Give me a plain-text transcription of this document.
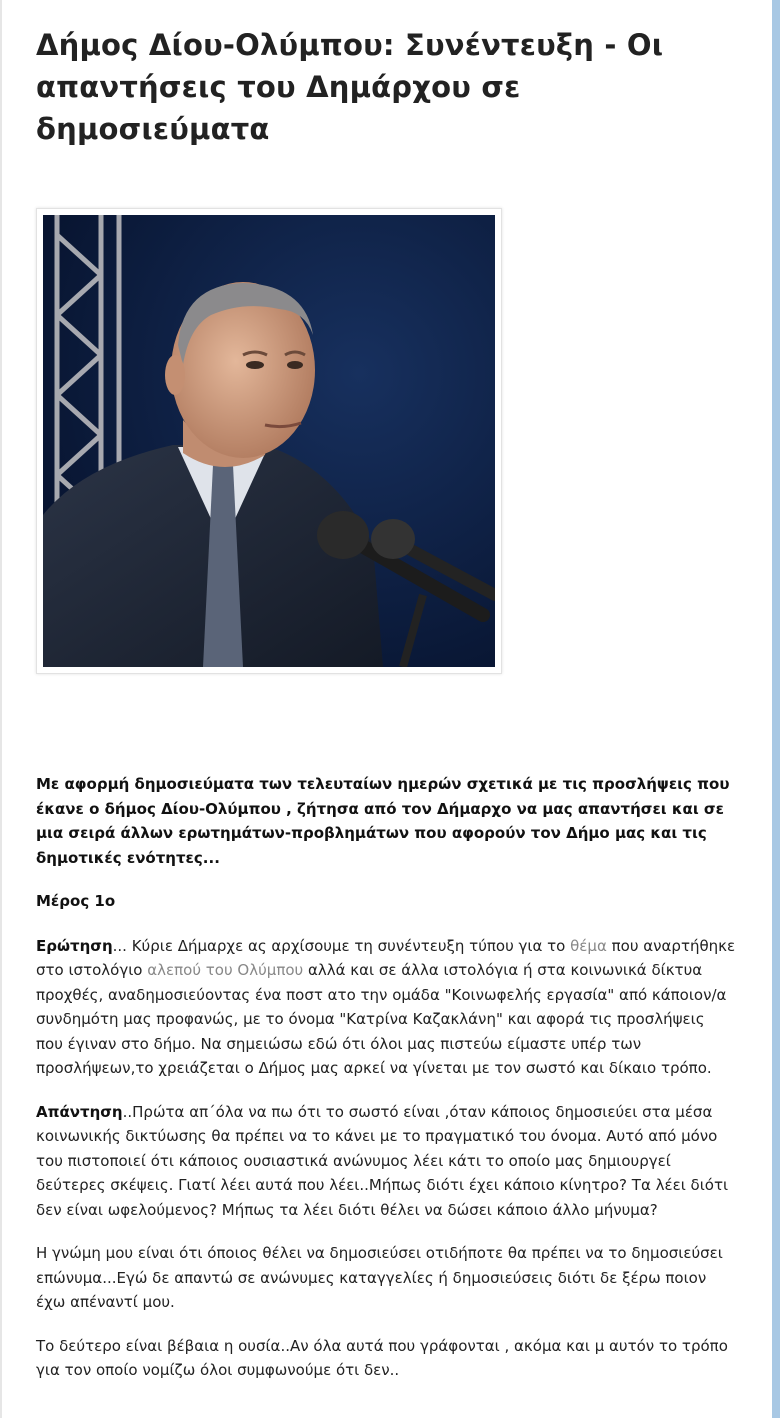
Δήμος Δίου-Ολύμπου: Συνέντευξη - Οι απαντήσεις του Δημάρχου σε δημοσιεύματα

Με αφορμή δημοσιεύματα των τελευταίων ημερών σχετικά με τις προσλήψεις που έκανε ο δήμος Δίου-Ολύμπου , ζήτησα από τον Δήμαρχο να μας απαντήσει και σε μια σειρά άλλων ερωτημάτων-προβλημάτων που αφορούν τον Δήμο μας και τις δημοτικές ενότητες...

Μέρος 1ο

Ερώτηση... Κύριε Δήμαρχε ας αρχίσουμε τη συνέντευξη τύπου για το θέμα που αναρτήθηκε στο ιστολόγιο αλεπού του Ολύμπου αλλά και σε άλλα ιστολόγια ή στα κοινωνικά δίκτυα προχθές, αναδημοσιεύοντας ένα ποστ ατο την ομάδα "Κοινωφελής εργασία" από κάποιον/α συνδημότη μας προφανώς, με το όνομα "Κατρίνα Καζακλάνη" και αφορά τις προσλήψεις που έγιναν στο δήμο. Να σημειώσω εδώ ότι όλοι μας πιστεύω είμαστε υπέρ των προσλήψεων,το χρειάζεται ο Δήμος μας αρκεί να γίνεται με τον σωστό και δίκαιο τρόπο.

Απάντηση..Πρώτα απ΄όλα να πω ότι το σωστό είναι ,όταν κάποιος δημοσιεύει στα μέσα κοινωνικής δικτύωσης θα πρέπει να το κάνει με το πραγματικό του όνομα. Αυτό από μόνο του πιστοποιεί ότι κάποιος ουσιαστικά ανώνυμος λέει κάτι το οποίο μας δημιουργεί δεύτερες σκέψεις. Γιατί λέει αυτά που λέει..Μήπως διότι έχει κάποιο κίνητρο? Τα λέει διότι δεν είναι ωφελούμενος? Μήπως τα λέει διότι θέλει να δώσει κάποιο άλλο μήνυμα?

Η γνώμη μου είναι ότι όποιος θέλει να δημοσιεύσει οτιδήποτε θα πρέπει να το δημοσιεύσει επώνυμα...Εγώ δε απαντώ σε ανώνυμες καταγγελίες ή δημοσιεύσεις διότι δε ξέρω ποιον έχω απέναντί μου.

Το δεύτερο είναι βέβαια η ουσία..Αν όλα αυτά που γράφονται , ακόμα και μ αυτόν το τρόπο για τον οποίο νομίζω όλοι συμφωνούμε ότι δεν..
